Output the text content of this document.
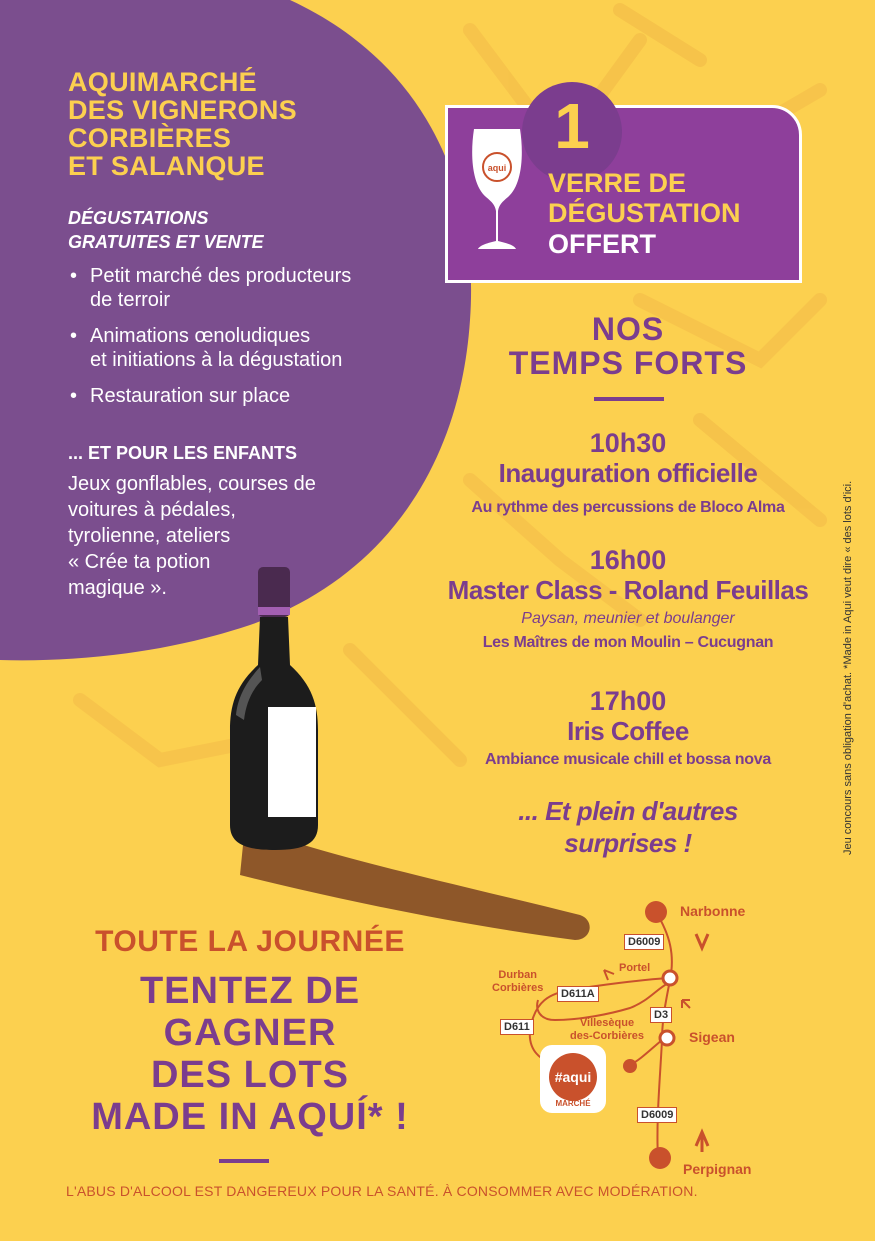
AQUIMARCHÉ
DES VIGNERONS
CORBIÈRES
ET SALANQUE
DÉGUSTATIONS
GRATUITES ET VENTE
• Petit marché des producteurs
de terroir
• Animations œnoludiques
et initiations à la dégustation
• Restauration sur place
... ET POUR LES ENFANTS
Jeux gonflables, courses de
voitures à pédales,
tyrolienne, ateliers
« Crée ta potion
magique ».
1
aqui VERRE DE
DÉGUSTATION
OFFERT
NOS
TEMPS FORTS
10h30
Inauguration officielle
Au rythme des percussions de Bloco Alma
16h00
Master Class - Roland Feuillas
Paysan, meunier et boulanger
Les Maîtres de mon Moulin – Cucugnan
17h00
Iris Coffee
Ambiance musicale chill et bossa nova
... Et plein d'autres
surprises !	Jeu concours sans obligation d'achat. *Made in Aqui veut dire « des lots d'ici.
TOUTE LA JOURNÉE
TENTEZ DE
GAGNER
DES LOTS
MADE IN AQUÍ* !
L'ABUS D'ALCOOL EST DANGEREUX POUR LA SANTÉ. À CONSOMMER AVEC MODÉRATION.
Narbonne
Sigean
Perpignan
Portel
Durban
Corbières
Villesèque
des-Corbières
D6009
D611A
D3
D611
D6009
#aqui
MARCHÉ
